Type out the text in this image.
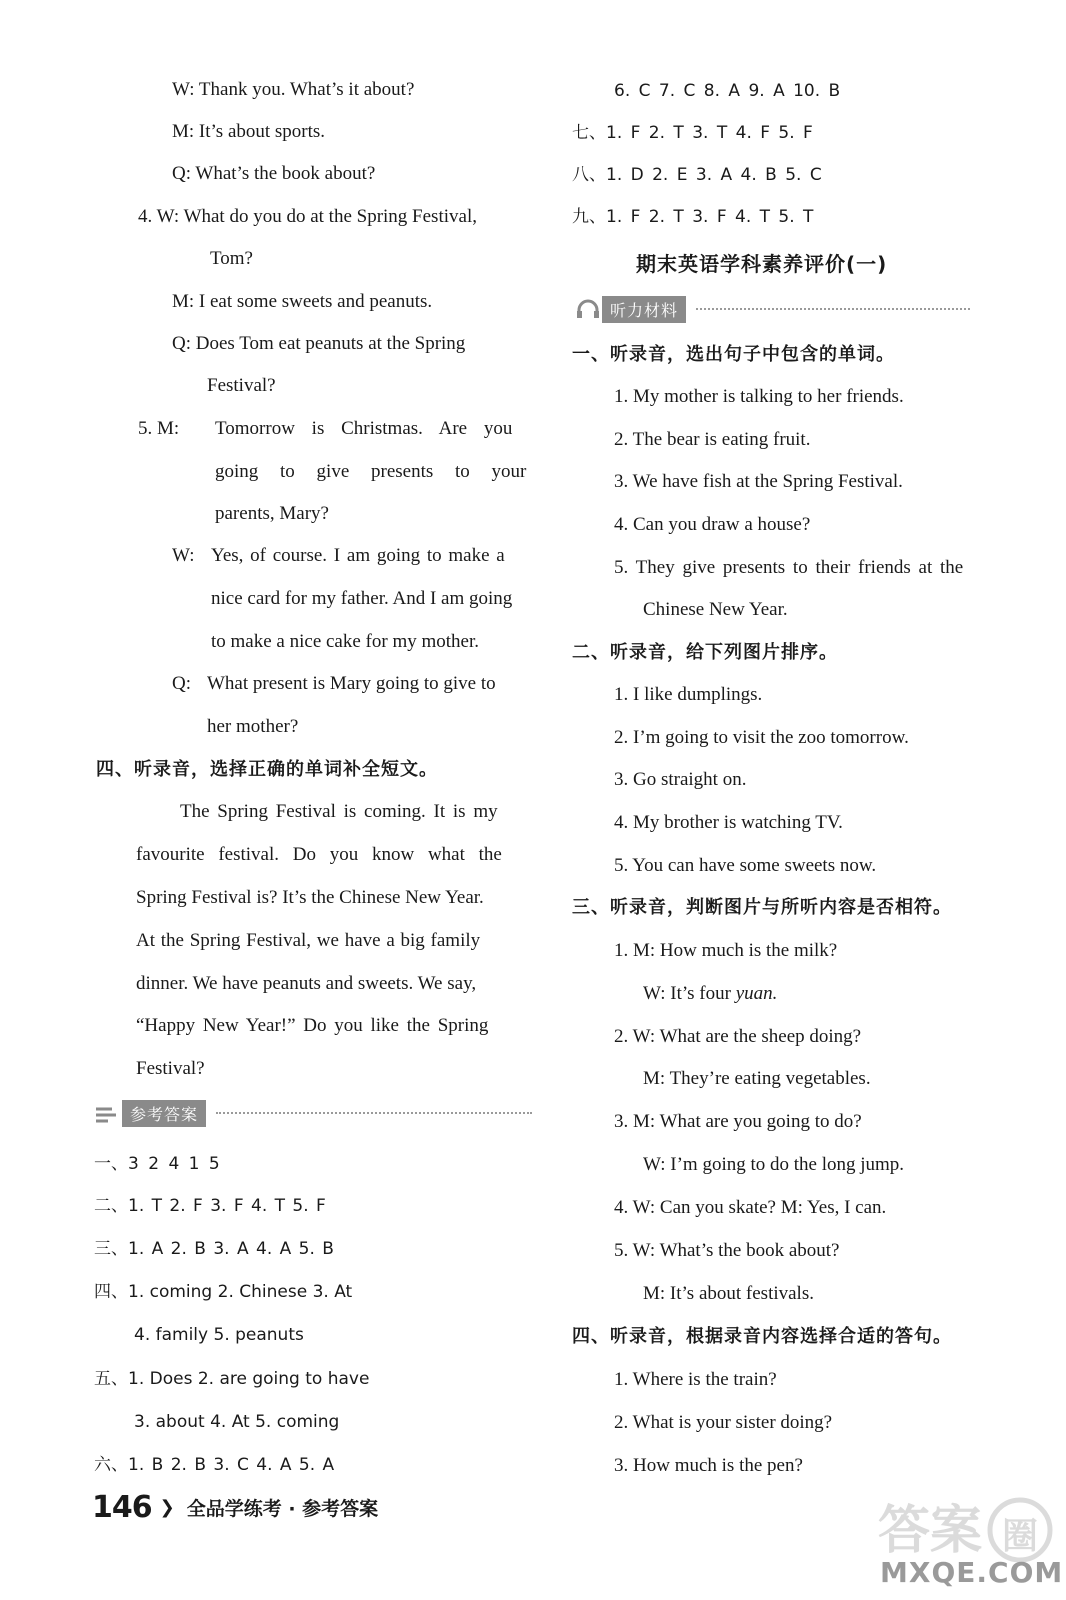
W: Thank you. What’s it about?
M: It’s about sports.
Q: What’s the book about?
4. W: What do you do at the Spring Festival,
Tom?
M: I eat some sweets and peanuts.
Q: Does Tom eat peanuts at the Spring
Festival?
5. M: Tomorrow is Christmas. Are you
going to give presents to your
parents, Mary?
W: Yes, of course. I am going to make a
nice card for my father. And I am going
to make a nice cake for my mother.
Q: What present is Mary going to give to
her mother?
四、听录音，选择正确的单词补全短文。
The Spring Festival is coming. It is my
favourite festival. Do you know what the
Spring Festival is? It’s the Chinese New Year.
At the Spring Festival, we have a big family
dinner. We have peanuts and sweets. We say,
“Happy New Year!” Do you like the Spring
Festival?
参考答案
一、3 2 4 1 5
二、1. T 2. F 3. F 4. T 5. F
三、1. A 2. B 3. A 4. A 5. B
四、1. coming 2. Chinese 3. At
4. family 5. peanuts
五、1. Does 2. are going to have
3. about 4. At 5. coming
六、1. B 2. B 3. C 4. A 5. A
6. C 7. C 8. A 9. A 10. B
七、1. F 2. T 3. T 4. F 5. F
八、1. D 2. E 3. A 4. B 5. C
九、1. F 2. T 3. F 4. T 5. T
期末英语学科素养评价(一)
听力材料
一、听录音，选出句子中包含的单词。
1. My mother is talking to her friends.
2. The bear is eating fruit.
3. We have fish at the Spring Festival.
4. Can you draw a house?
5. They give presents to their friends at the
Chinese New Year.
二、听录音，给下列图片排序。
1. I like dumplings.
2. I’m going to visit the zoo tomorrow.
3. Go straight on.
4. My brother is watching TV.
5. You can have some sweets now.
三、听录音，判断图片与所听内容是否相符。
1. M: How much is the milk?
W: It’s four yuan.
2. W: What are the sheep doing?
M: They’re eating vegetables.
3. M: What are you going to do?
W: I’m going to do the long jump.
4. W: Can you skate? M: Yes, I can.
5. W: What’s the book about?
M: It’s about festivals.
四、听录音，根据录音内容选择合适的答句。
1. Where is the train?
2. What is your sister doing?
3. How much is the pen?
146 ❯ 全品学练考 · 参考答案	答案 圈
MXQE.COM
